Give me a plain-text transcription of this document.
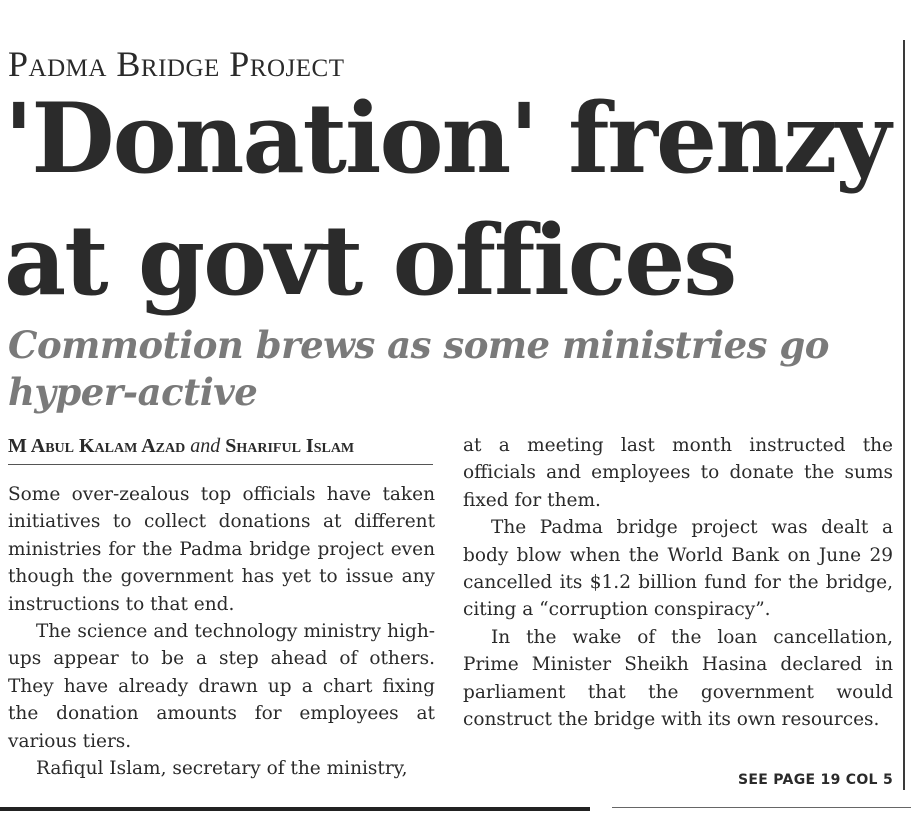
Padma Bridge Project
'Donation' frenzy at govt offices
Commotion brews as some ministries go hyper-active
M Abul Kalam Azad and Shariful Islam

Some over-zealous top officials have taken initiatives to collect donations at different ministries for the Padma bridge project even though the government has yet to issue any instructions to that end.

The science and technology ministry high-ups appear to be a step ahead of others. They have already drawn up a chart fixing the donation amounts for employees at various tiers.

Rafiqul Islam, secretary of the ministry,

at a meeting last month instructed the officials and employees to donate the sums fixed for them.

The Padma bridge project was dealt a body blow when the World Bank on June 29 cancelled its $1.2 billion fund for the bridge, citing a “corruption conspiracy”.

In the wake of the loan cancellation, Prime Minister Sheikh Hasina declared in parliament that the government would construct the bridge with its own resources.

SEE PAGE 19 COL 5
